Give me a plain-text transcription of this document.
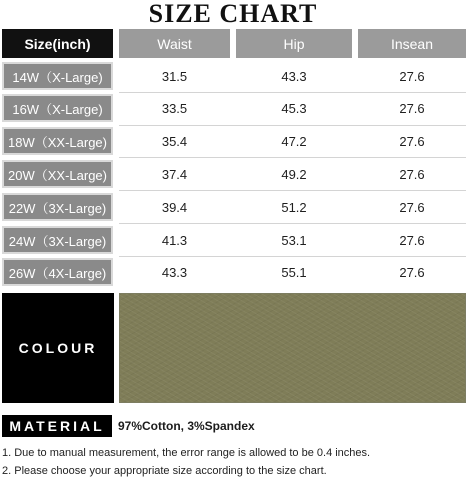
SIZE CHART
Size(inch)	Waist	Hip	Insean
14W（X-Large)	31.5	43.3	27.6
16W（X-Large)	33.5	45.3	27.6
18W（XX-Large)	35.4	47.2	27.6
20W（XX-Large)	37.4	49.2	27.6
22W（3X-Large)	39.4	51.2	27.6
24W（3X-Large)	41.3	53.1	27.6
26W（4X-Large)	43.3	55.1	27.6
COLOUR
MATERIAL	97%Cotton, 3%Spandex
1. Due to manual measurement, the error range is allowed to be 0.4 inches.
2. Please choose your appropriate size according to the size chart.
